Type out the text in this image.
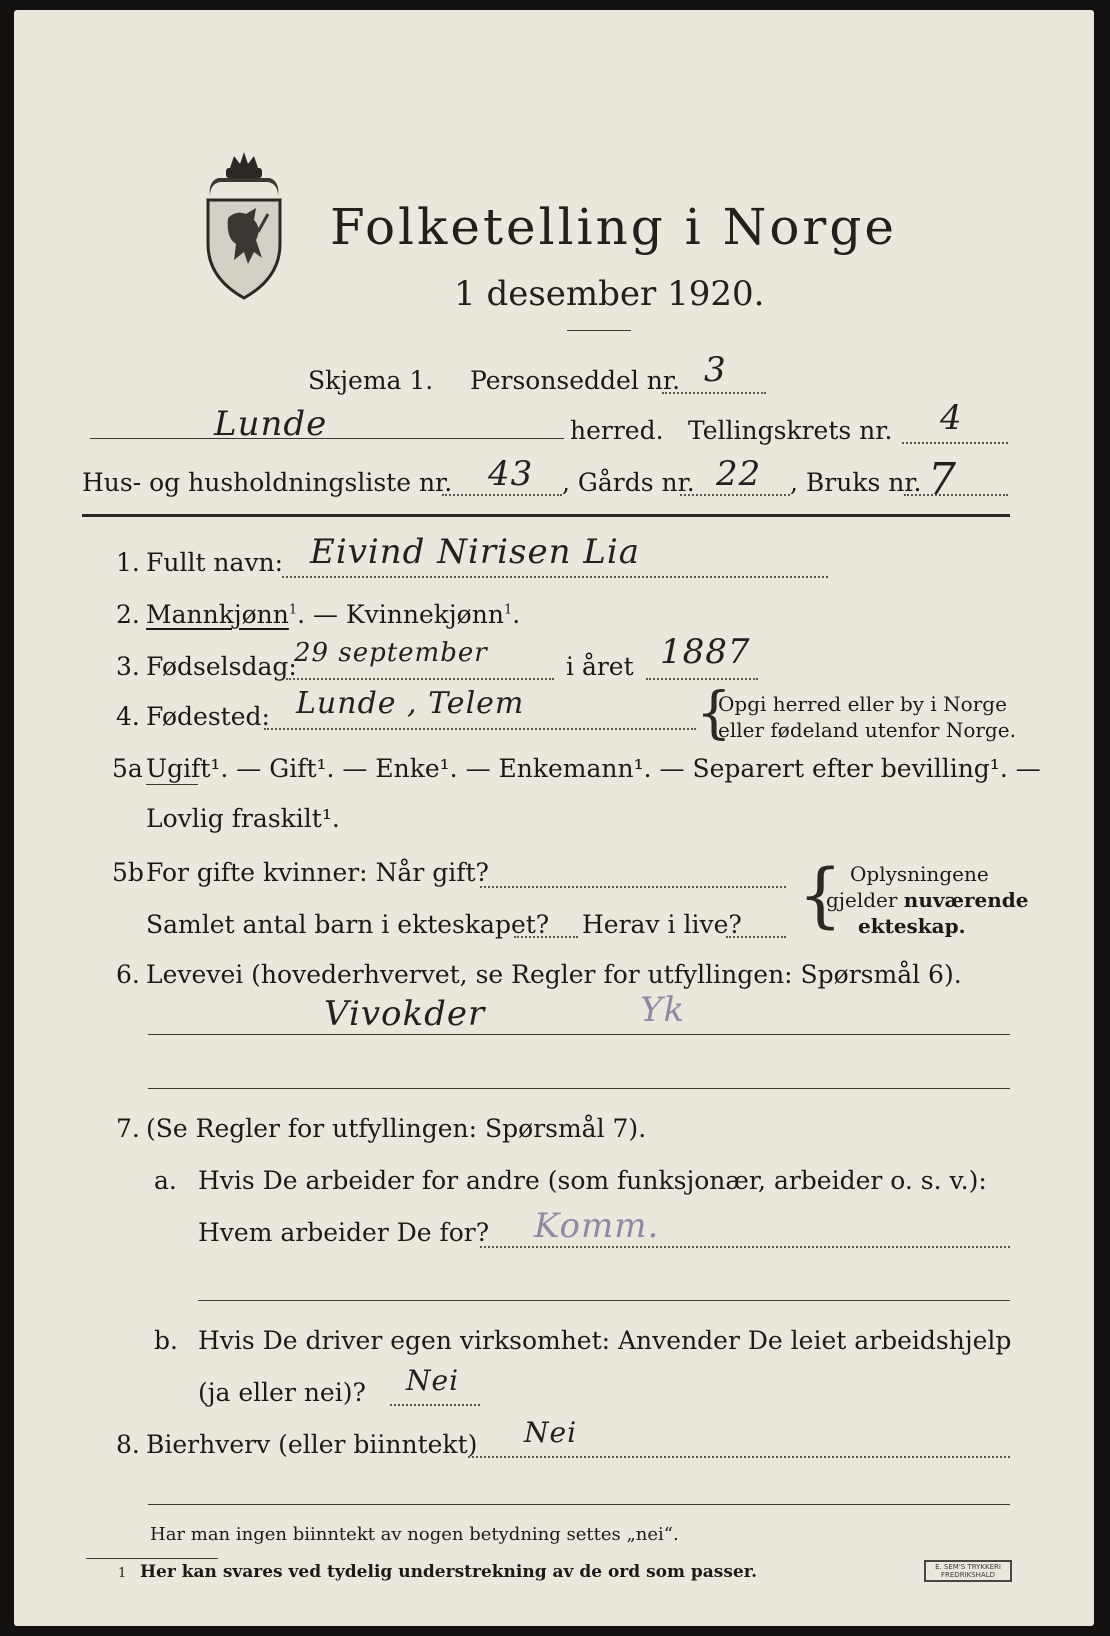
Folketelling i Norge
1 desember 1920.
Skjema 1. Personseddel nr. 3
Lunde	herred. Tellingskrets nr. 4
Hus- og husholdningsliste nr. 43 , Gårds nr. 22 , Bruks nr. 7
1. Fullt navn: Eivind Nirisen Lia
2. Mannkjønn$^1$. — Kvinnekjønn$^1$.
3. Fødselsdag:
29 september	i året 1887
4. Fødested: Lunde , Telem	{
Opgi herred eller by i Norge
eller fødeland utenfor Norge.
5a Ugift¹. — Gift¹. — Enke¹. — Enkemann¹. — Separert efter bevilling¹. —
Lovlig fraskilt¹.
5b For gifte kvinner: Når gift?
Samlet antal barn i ekteskapet? Herav i live? { Oplysningene
gjelder nuværende
ekteskap.
6. Levevei (hovederhvervet, se Regler for utfyllingen: Spørsmål 6).
Vivokder	Yk
7. (Se Regler for utfyllingen: Spørsmål 7).
a. Hvis De arbeider for andre (som funksjonær, arbeider o. s. v.):
Hvem arbeider De for? Komm.
b. Hvis De driver egen virksomhet: Anvender De leiet arbeidshjelp
(ja eller nei)? Nei
8. Bierhverv (eller biinntekt) Nei
Har man ingen biinntekt av nogen betydning settes „nei“.
1 Her kan svares ved tydelig understrekning av de ord som passer.	E. SEM'S TRYKKERI FREDRIKSHALD
